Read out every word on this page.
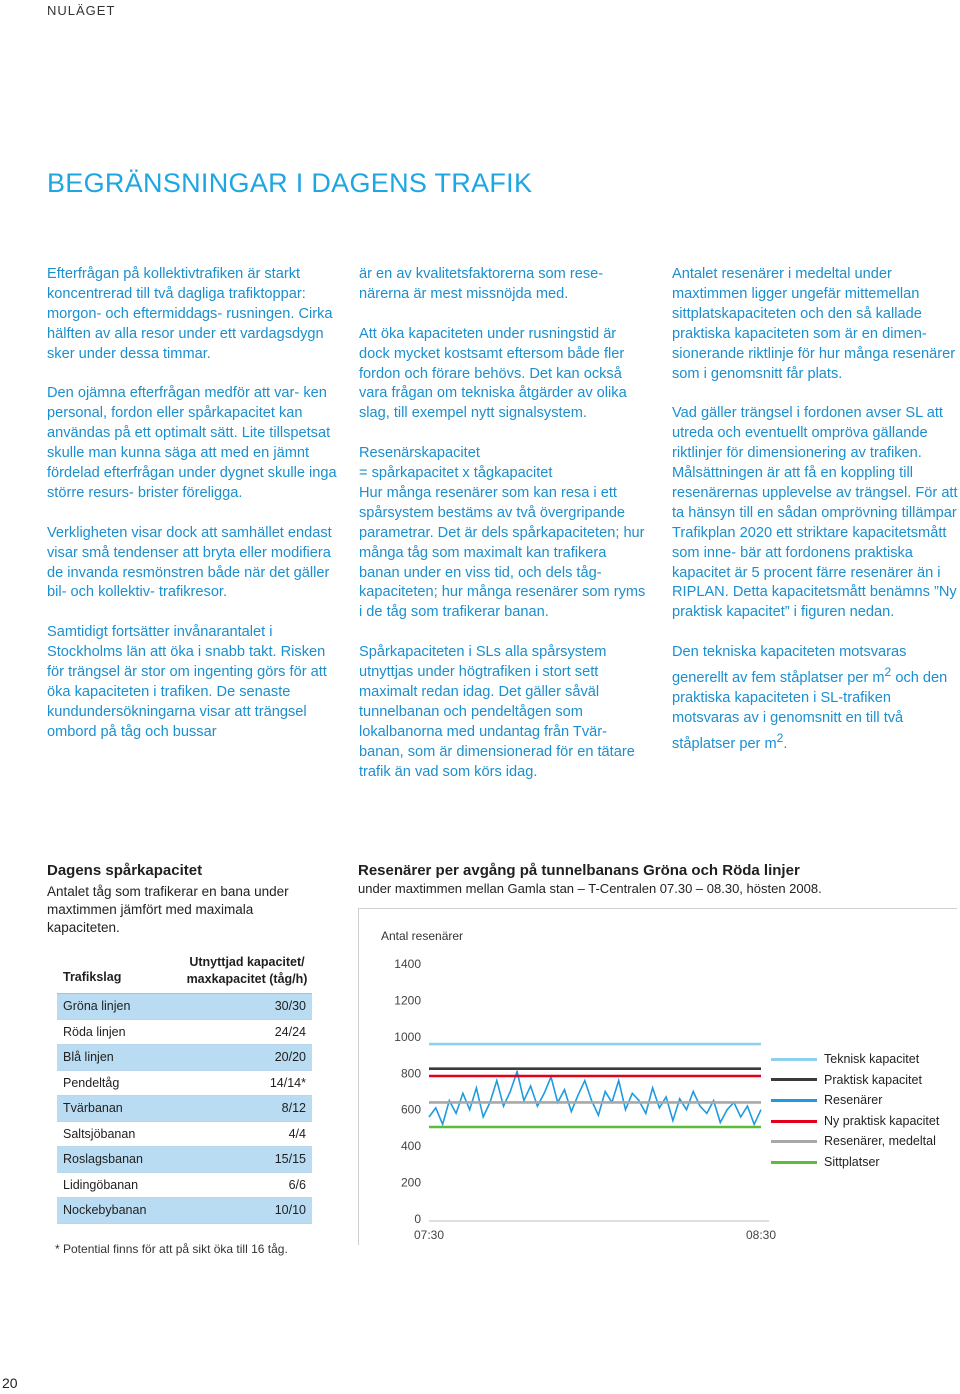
NULÄGET
BEGRÄNSNINGAR I DAGENS TRAFIK

Efterfrågan på kollektivtrafiken är starkt koncentrerad till två dagliga trafiktoppar: morgon- och eftermiddags- rusningen. Cirka hälften av alla resor under ett vardagsdygn sker under dessa timmar.

Den ojämna efterfrågan medför att var- ken personal, fordon eller spårkapacitet kan användas på ett optimalt sätt. Lite tillspetsat skulle man kunna säga att med en jämnt fördelad efterfrågan under dygnet skulle inga större resurs- brister föreligga.

Verkligheten visar dock att samhället endast visar små tendenser att bryta eller modifiera de invanda resmönstren både när det gäller bil- och kollektiv- trafikresor.

Samtidigt fortsätter invånarantalet i Stockholms län att öka i snabb takt. Risken för trängsel är stor om ingenting görs för att öka kapaciteten i trafiken. De senaste kundundersökningarna visar att trängsel ombord på tåg och bussar

är en av kvalitetsfaktorerna som rese- närerna är mest missnöjda med.

Att öka kapaciteten under rusningstid är dock mycket kostsamt eftersom både fler fordon och förare behövs. Det kan också vara frågan om tekniska åtgärder av olika slag, till exempel nytt signalsystem.

Resenärskapacitet
= spårkapacitet x tågkapacitet

Hur många resenärer som kan resa i ett spårsystem bestäms av två övergripande parametrar. Det är dels spårkapaciteten; hur många tåg som maximalt kan trafikera banan under en viss tid, och dels tåg- kapaciteten; hur många resenärer som ryms i de tåg som trafikerar banan.

Spårkapaciteten i SLs alla spårsystem utnyttjas under högtrafiken i stort sett maximalt redan idag. Det gäller såväl tunnelbanan och pendeltågen som lokalbanorna med undantag från Tvär- banan, som är dimensionerad för en tätare trafik än vad som körs idag.

Antalet resenärer i medeltal under maxtimmen ligger ungefär mittemellan sittplatskapaciteten och den så kallade praktiska kapaciteten som är en dimen- sionerande riktlinje för hur många resenärer som i genomsnitt får plats.

Vad gäller trängsel i fordonen avser SL att utreda och eventuellt ompröva gällande riktlinjer för dimensionering av trafiken. Målsättningen är att få en koppling till resenärernas upplevelse av trängsel. För att ta hänsyn till en sådan omprövning tillämpar Trafikplan 2020 ett striktare kapacitetsmått som inne- bär att fordonens praktiska kapacitet är 5 procent färre resenärer än i RIPLAN. Detta kapacitetsmått benämns ”Ny praktisk kapacitet” i figuren nedan.

Den tekniska kapaciteten motsvaras generellt av fem ståplatser per $m^2$ och den praktiska kapaciteten i SL-trafiken motsvaras av i genomsnitt en till två ståplatser per $m^2$.

Dagens spårkapacitet

Antalet tåg som trafikerar en bana under maxtimmen jämfört med maximala kapaciteten.

Trafikslag
Utnyttjad kapacitet/
maxkapacitet (tåg/h)
Gröna linjen	30/30
Röda linjen	24/24
Blå linjen	20/20
Pendeltåg	14/14*
Tvärbanan	8/12
Saltsjöbanan	4/4
Roslagsbanan	15/15
Lidingöbanan	6/6
Nockebybanan	10/10
* Potential finns för att på sikt öka till 16 tåg.
Resenärer per avgång på tunnelbanans Gröna och Röda linjer

under maxtimmen mellan Gamla stan – T-Centralen 07.30 – 08.30, hösten 2008.

Antal resenärer
0
200
400
600
800
1000
1200
1400
07:30	08:30
Teknisk kapacitet
Praktisk kapacitet
Resenärer
Ny praktisk kapacitet
Resenärer, medeltal
Sittplatser
20
